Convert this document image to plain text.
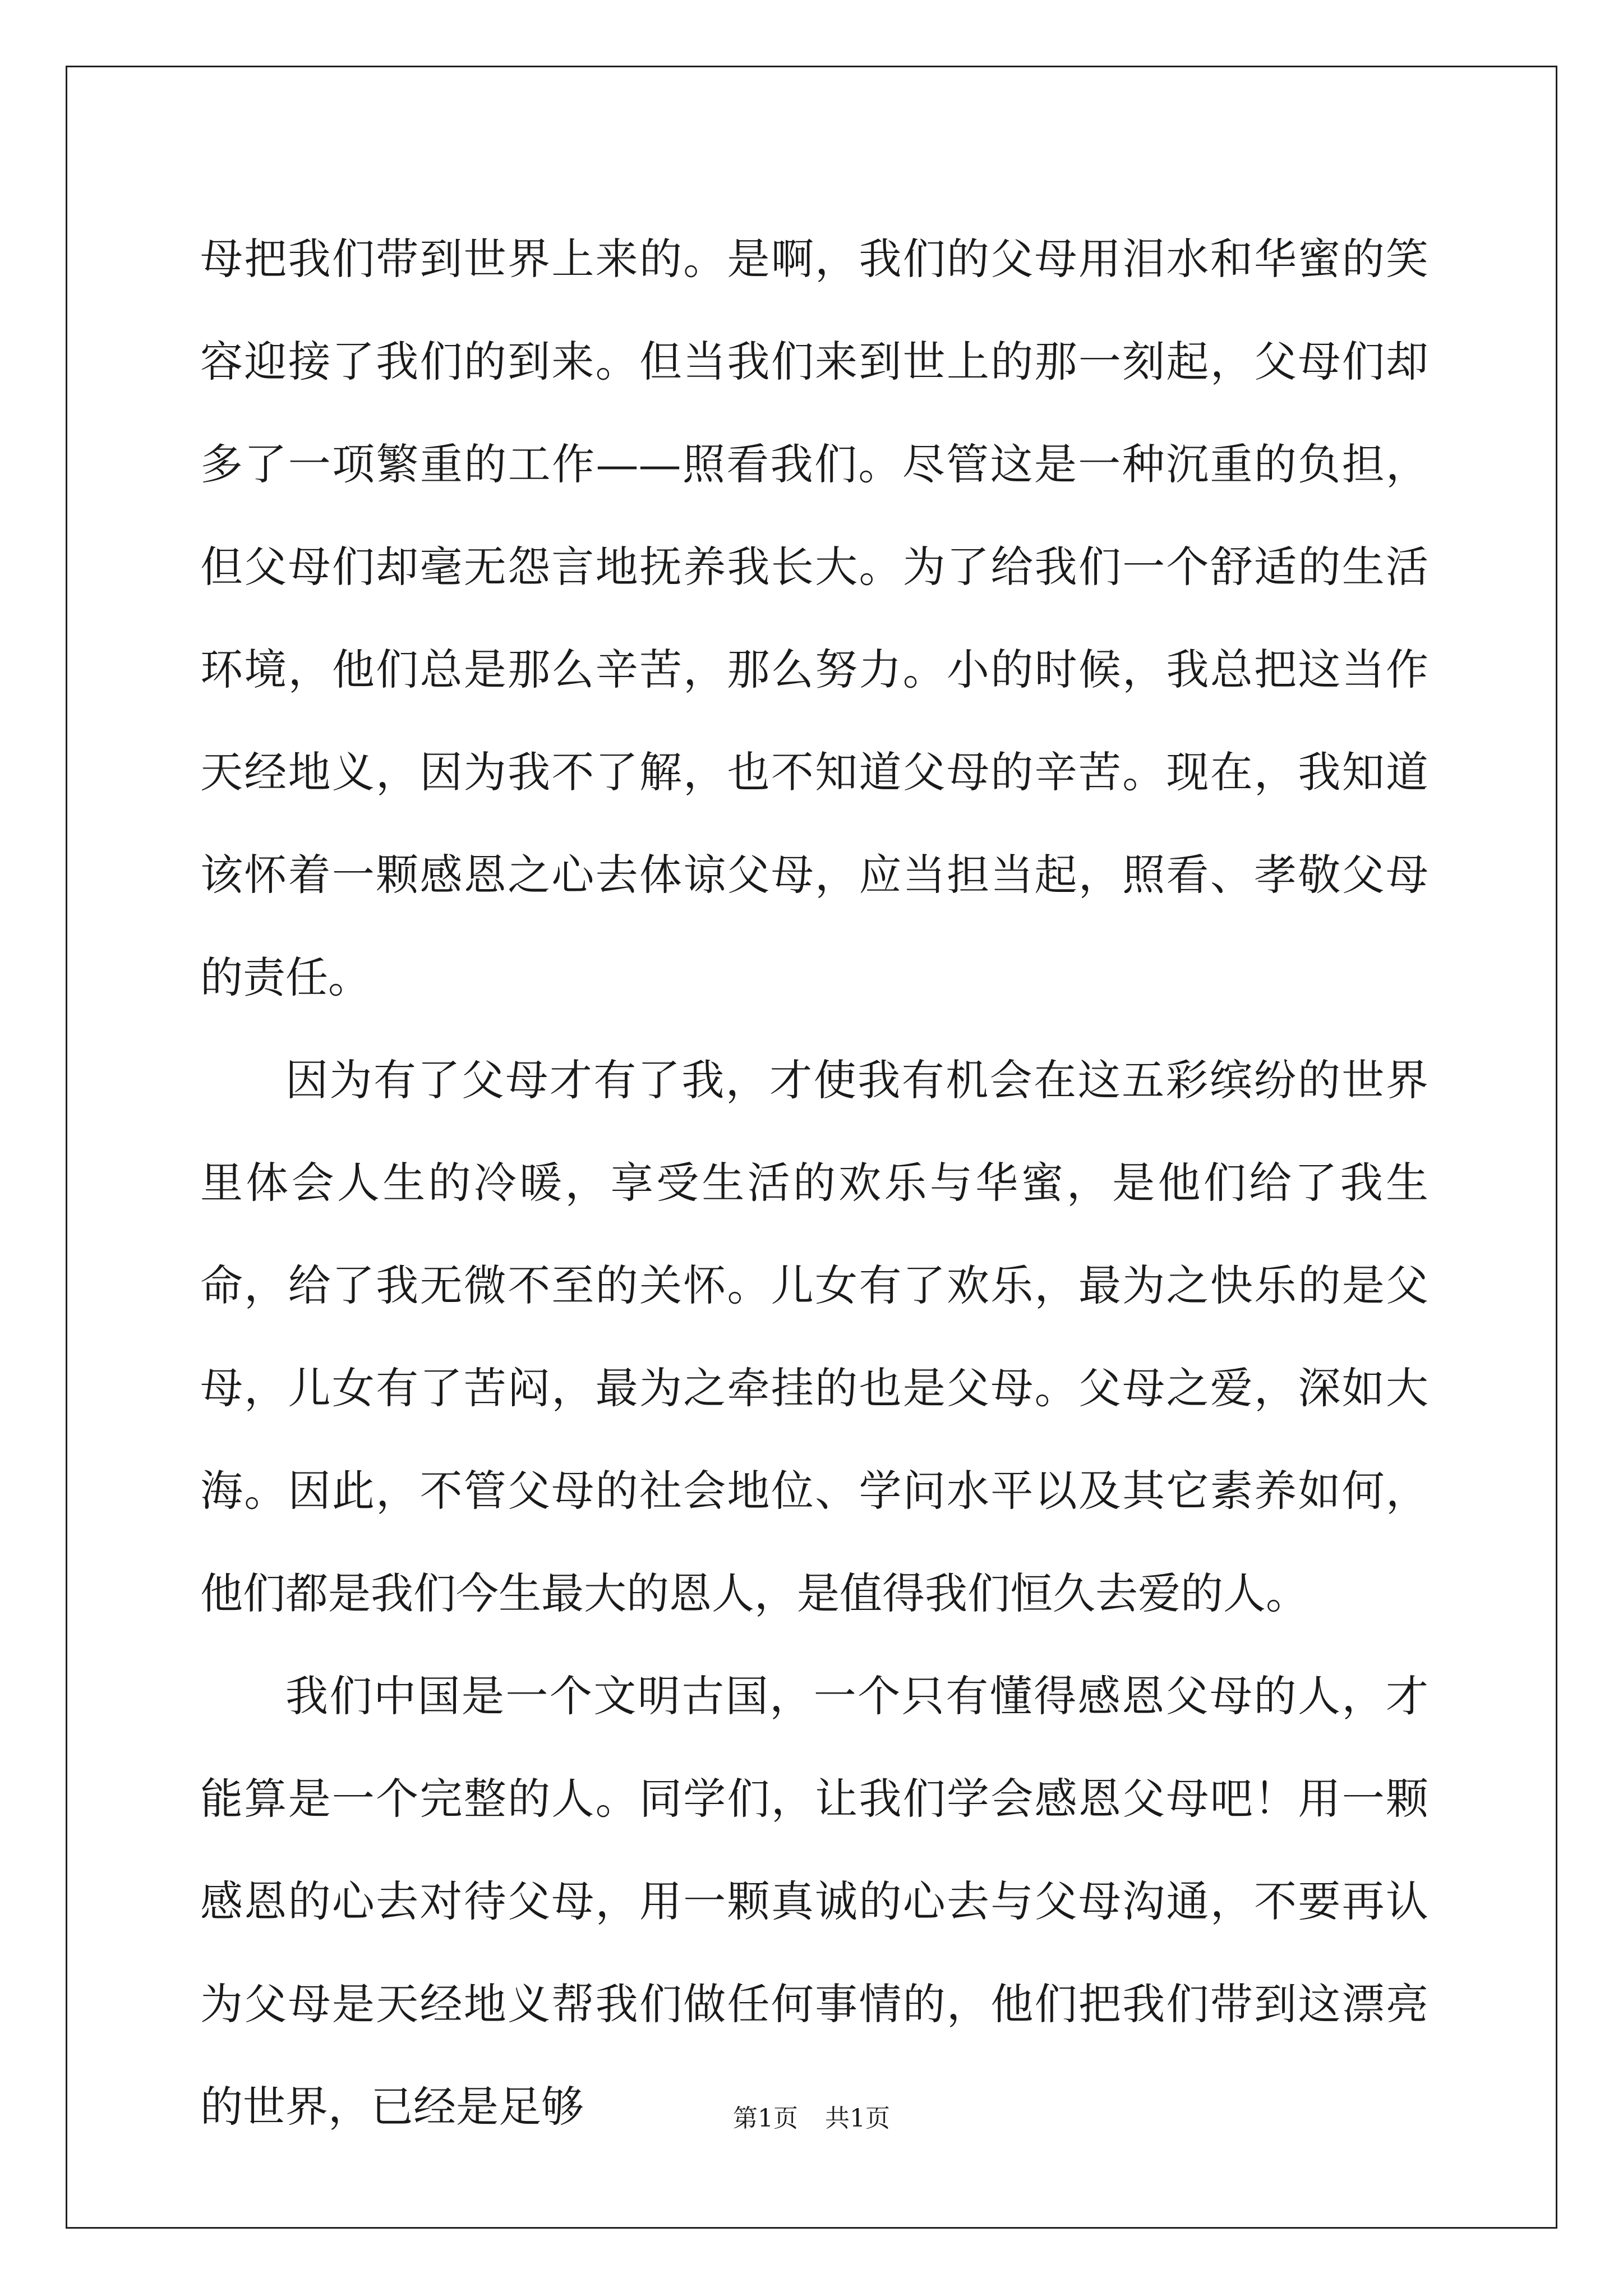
母把我们带到世界上来的。是啊，我们的父母用泪水和华蜜的笑容迎接了我们的到来。但当我们来到世上的那一刻起，父母们却多了一项繁重的工作——照看我们。尽管这是一种沉重的负担，但父母们却毫无怨言地抚养我长大。为了给我们一个舒适的生活环境，他们总是那么辛苦，那么努力。小的时候，我总把这当作天经地义，因为我不了解，也不知道父母的辛苦。现在，我知道该怀着一颗感恩之心去体谅父母，应当担当起，照看、孝敬父母的责任。

因为有了父母才有了我，才使我有机会在这五彩缤纷的世界里体会人生的冷暖，享受生活的欢乐与华蜜，是他们给了我生命，给了我无微不至的关怀。儿女有了欢乐，最为之快乐的是父母，儿女有了苦闷，最为之牵挂的也是父母。父母之爱，深如大海。因此，不管父母的社会地位、学问水平以及其它素养如何，他们都是我们今生最大的恩人，是值得我们恒久去爱的人。

我们中国是一个文明古国，一个只有懂得感恩父母的人，才能算是一个完整的人。同学们，让我们学会感恩父母吧！用一颗感恩的心去对待父母，用一颗真诚的心去与父母沟通，不要再认为父母是天经地义帮我们做任何事情的，他们把我们带到这漂亮的世界，已经是足够	第1页 共1页
